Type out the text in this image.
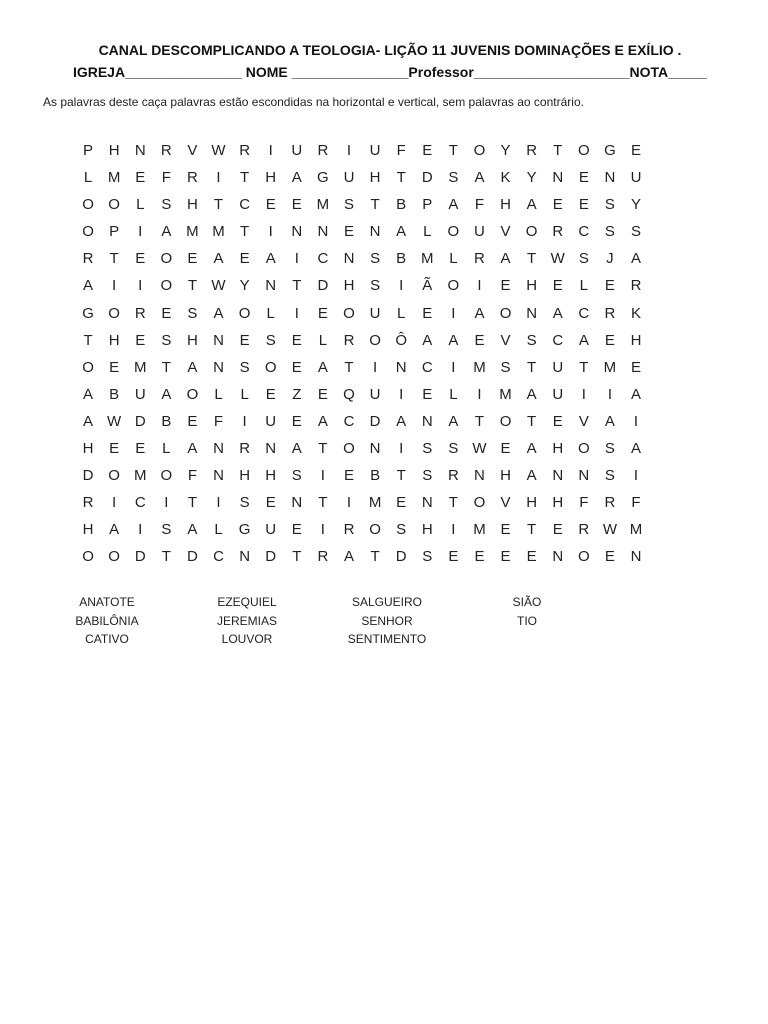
CANAL DESCOMPLICANDO A TEOLOGIA- LIÇÃO 11 JUVENIS DOMINAÇÕES E EXÍLIO .
IGREJA_______________ NOME _______________Professor____________________NOTA_____
As palavras deste caça palavras estão escondidas na horizontal e vertical, sem palavras ao contrário.
P	H	N	R	V W R	I	U	R	I	U	F	E	T	O	Y	R	T	O G	E
L	M E	F	R	I	T	H	A	G U	H	T	D	S	A	K	Y	N	E	N	U
O O	L	S	H	T	C	E	E M S	T	B	P	A	F	H	A	E	E	S	Y
O	P	I	A M M	T	I	N	N	E	N	A	L	O U	V	O R	C	S	S
R	T	E	O	E	A	E	A	I	C	N	S	B M	L	R	A	T W S	J	A
A	I	I	O	T W Y	N	T	D	H	S	I	Ã	O	I	E	H	E	L	E	R
G O R	E	S	A	O	L	I	E	O U	L	E	I	A	O N	A	C	R	K
T	H	E	S	H	N	E	S	E	L	R O Ô	A	A	E	V	S	C	A	E	H
O	E M	T	A	N	S	O	E	A	T	I	N	C	I	M S	T	U	T	M E
A	B	U	A	O	L	L	E	Z	E	Q U	I	E	L	I	M A	U	I	I	A
A W D	B	E	F	I	U	E	A	C	D	A	N	A	T	O	T	E	V	A	I
H	E	E	L	A	N	R	N	A	T	O N	I	S	S W E	A	H O	S	A
D O M O	F	N	H	H	S	I	E	B	T	S	R	N	H	A	N	N	S	I
R	I	C	I	T	I	S	E	N	T	I	M E	N	T	O	V	H	H	F	R	F
H	A	I	S	A	L	G U	E	I	R O	S	H	I	M E	T	E	R W M
O O D	T	D	C	N	D	T	R	A	T	D	S	E	E	E	E	N O	E	N
ANATOTE
BABILÔNIA
CATIVO
EZEQUIEL
JEREMIAS
LOUVOR
SALGUEIRO
SENHOR
SENTIMENTO
SIÃO
TIO
